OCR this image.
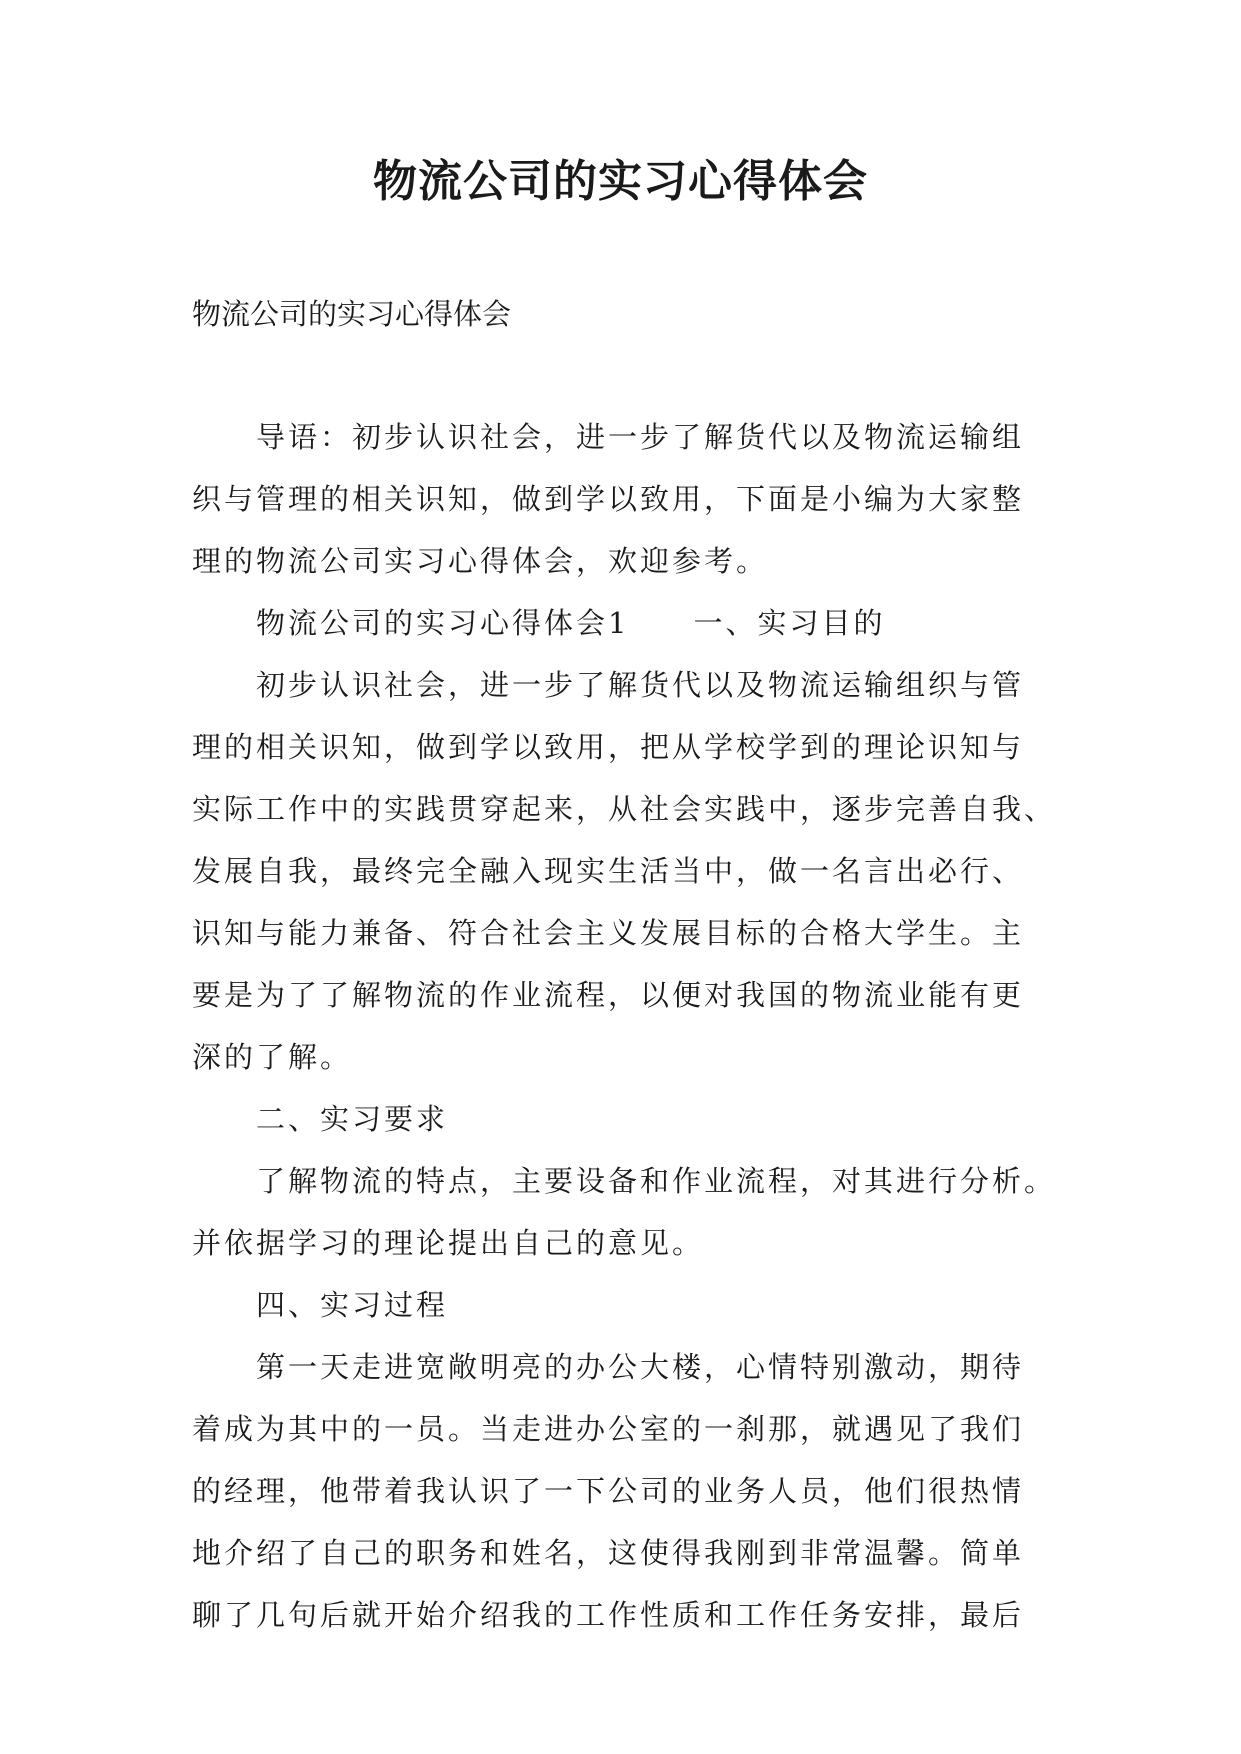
物流公司的实习心得体会

物流公司的实习心得体会

导语：初步认识社会，进一步了解货代以及物流运输组
织与管理的相关识知，做到学以致用，下面是小编为大家整
理的物流公司实习心得体会，欢迎参考。
物流公司的实习心得体会1　　一、实习目的
初步认识社会，进一步了解货代以及物流运输组织与管
理的相关识知，做到学以致用，把从学校学到的理论识知与
实际工作中的实践贯穿起来，从社会实践中，逐步完善自我、
发展自我，最终完全融入现实生活当中，做一名言出必行、
识知与能力兼备、符合社会主义发展目标的合格大学生。主
要是为了了解物流的作业流程，以便对我国的物流业能有更
深的了解。
二、实习要求
了解物流的特点，主要设备和作业流程，对其进行分析。
并依据学习的理论提出自己的意见。
四、实习过程
第一天走进宽敞明亮的办公大楼，心情特别激动，期待
着成为其中的一员。当走进办公室的一刹那，就遇见了我们
的经理，他带着我认识了一下公司的业务人员，他们很热情
地介绍了自己的职务和姓名，这使得我刚到非常温馨。简单
聊了几句后就开始介绍我的工作性质和工作任务安排，最后
